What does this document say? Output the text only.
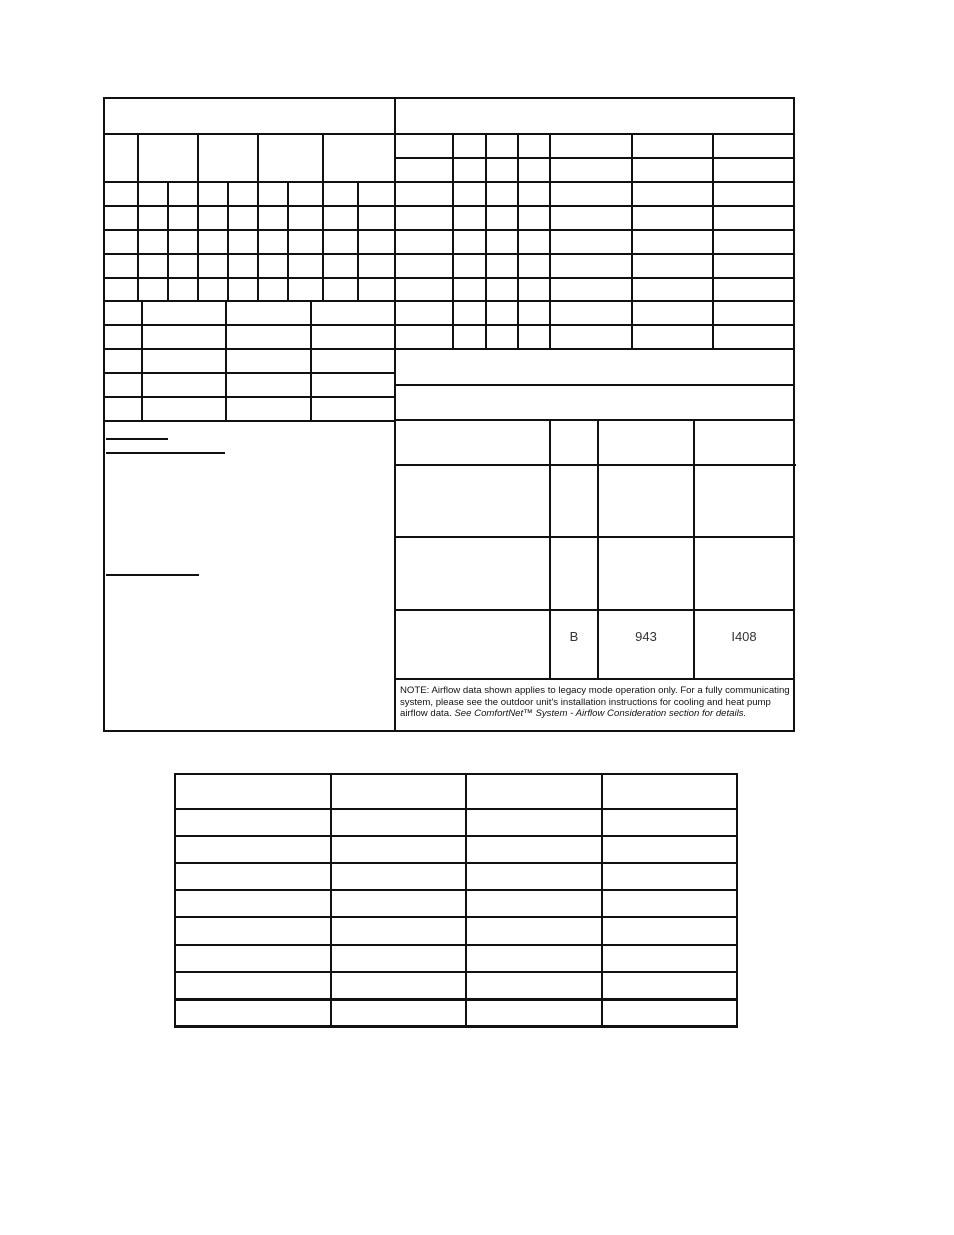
B	943	I408
NOTE: Airflow data shown applies to legacy mode operation only. For a fully communicating system, please see the outdoor unit's installation instructions for cooling and heat pump airflow data. See ComfortNet™ System - Airflow Consideration section for details.
